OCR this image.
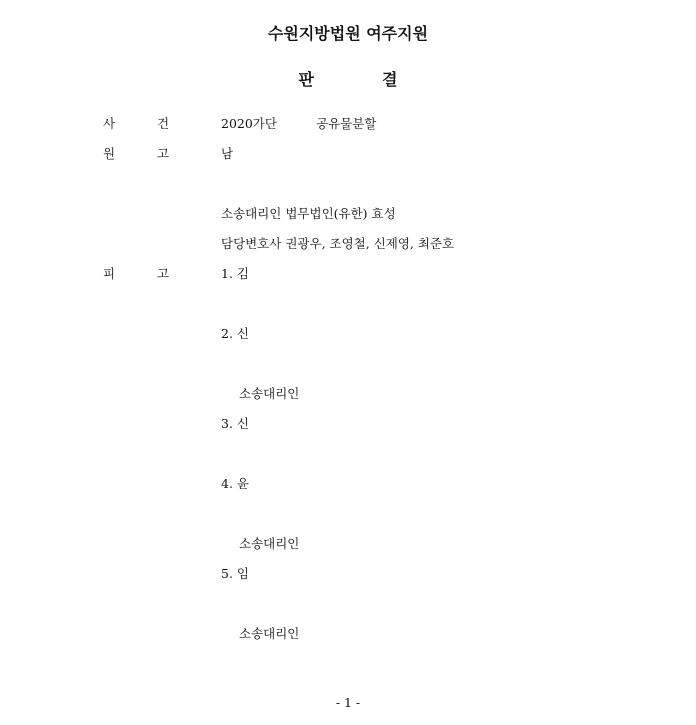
수원지방법원 여주지원
판	결
사	건	2020가단	공유물분할
원	고	남
소송대리인 법무법인(유한) 효성
담당변호사 권광우, 조영철, 신제영, 최준호
피	고	1. 김
2. 신
소송대리인
3. 신
4. 윤
소송대리인
5. 임
소송대리인
- 1 -
